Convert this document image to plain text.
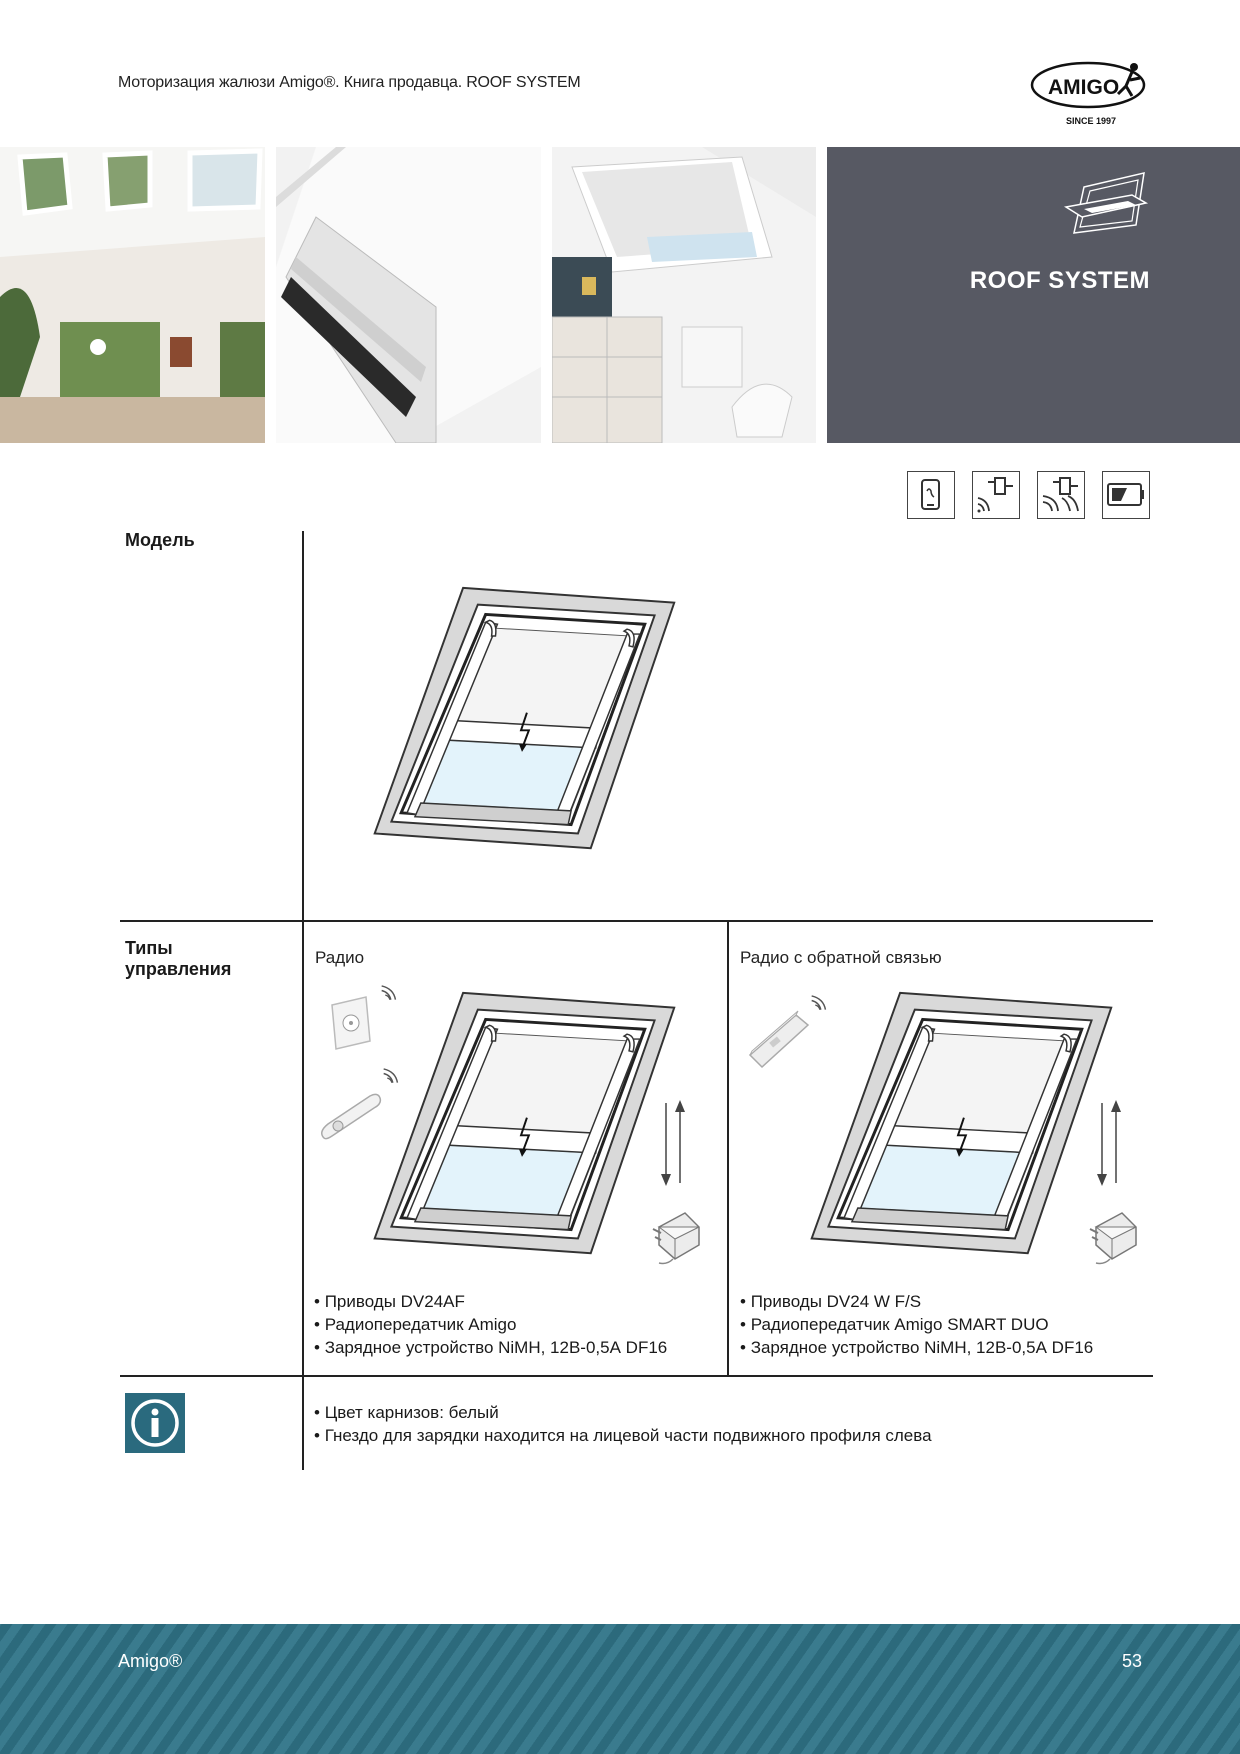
Моторизация жалюзи Amigo®. Книга продавца. ROOF SYSTEM	AMIGO
SINCE 1997
ROOF SYSTEM
Модель
Типы управления
Радио
• Приводы DV24AF
• Радиопередатчик Amigo
• Зарядное устройство NiMH, 12В-0,5А DF16
Радио с обратной связью
• Приводы DV24 W F/S
• Радиопередатчик Amigo SMART DUO
• Зарядное устройство NiMH, 12В-0,5А DF16
• Цвет карнизов: белый
• Гнездо для зарядки находится на лицевой части подвижного профиля слева
Amigo®	53
